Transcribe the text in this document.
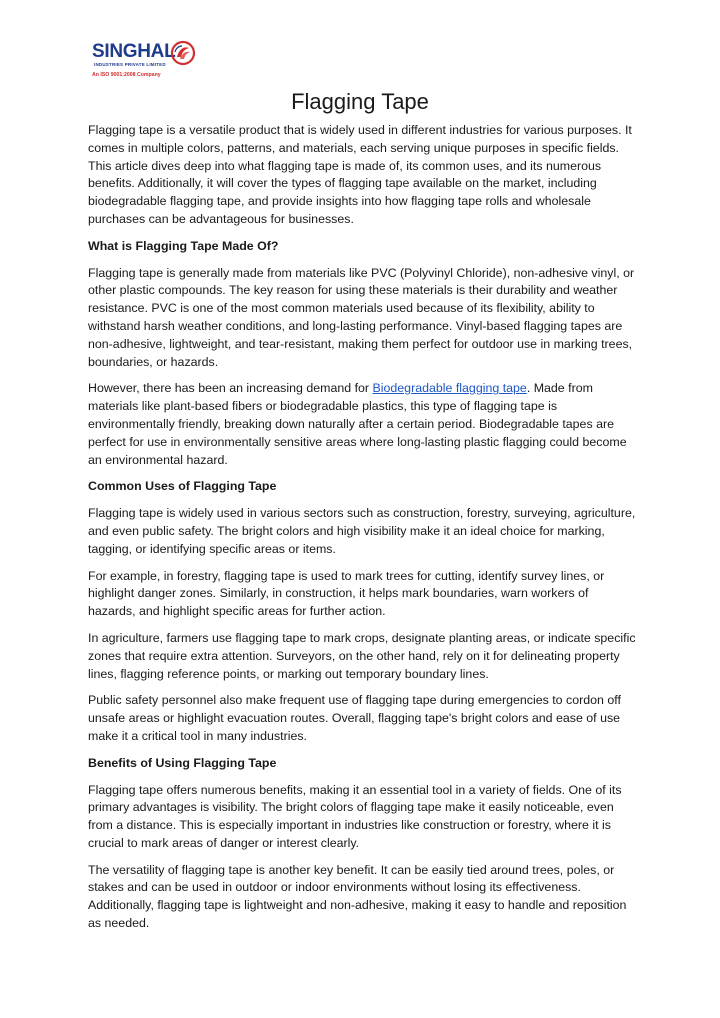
SINGHAL
INDUSTRIES PRIVATE LIMITED
An ISO 9001:2008 Company
Flagging Tape

Flagging tape is a versatile product that is widely used in different industries for various purposes. It comes in multiple colors, patterns, and materials, each serving unique purposes in specific fields. This article dives deep into what flagging tape is made of, its common uses, and its numerous benefits. Additionally, it will cover the types of flagging tape available on the market, including biodegradable flagging tape, and provide insights into how flagging tape rolls and wholesale purchases can be advantageous for businesses.

What is Flagging Tape Made Of?

Flagging tape is generally made from materials like PVC (Polyvinyl Chloride), non-adhesive vinyl, or other plastic compounds. The key reason for using these materials is their durability and weather resistance. PVC is one of the most common materials used because of its flexibility, ability to withstand harsh weather conditions, and long-lasting performance. Vinyl-based flagging tapes are non-adhesive, lightweight, and tear-resistant, making them perfect for outdoor use in marking trees, boundaries, or hazards.

However, there has been an increasing demand for Biodegradable flagging tape. Made from materials like plant-based fibers or biodegradable plastics, this type of flagging tape is environmentally friendly, breaking down naturally after a certain period. Biodegradable tapes are perfect for use in environmentally sensitive areas where long-lasting plastic flagging could become an environmental hazard.

Common Uses of Flagging Tape

Flagging tape is widely used in various sectors such as construction, forestry, surveying, agriculture, and even public safety. The bright colors and high visibility make it an ideal choice for marking, tagging, or identifying specific areas or items.

For example, in forestry, flagging tape is used to mark trees for cutting, identify survey lines, or highlight danger zones. Similarly, in construction, it helps mark boundaries, warn workers of hazards, and highlight specific areas for further action.

In agriculture, farmers use flagging tape to mark crops, designate planting areas, or indicate specific zones that require extra attention. Surveyors, on the other hand, rely on it for delineating property lines, flagging reference points, or marking out temporary boundary lines.

Public safety personnel also make frequent use of flagging tape during emergencies to cordon off unsafe areas or highlight evacuation routes. Overall, flagging tape's bright colors and ease of use make it a critical tool in many industries.

Benefits of Using Flagging Tape

Flagging tape offers numerous benefits, making it an essential tool in a variety of fields. One of its primary advantages is visibility. The bright colors of flagging tape make it easily noticeable, even from a distance. This is especially important in industries like construction or forestry, where it is crucial to mark areas of danger or interest clearly.

The versatility of flagging tape is another key benefit. It can be easily tied around trees, poles, or stakes and can be used in outdoor or indoor environments without losing its effectiveness. Additionally, flagging tape is lightweight and non-adhesive, making it easy to handle and reposition as needed.
